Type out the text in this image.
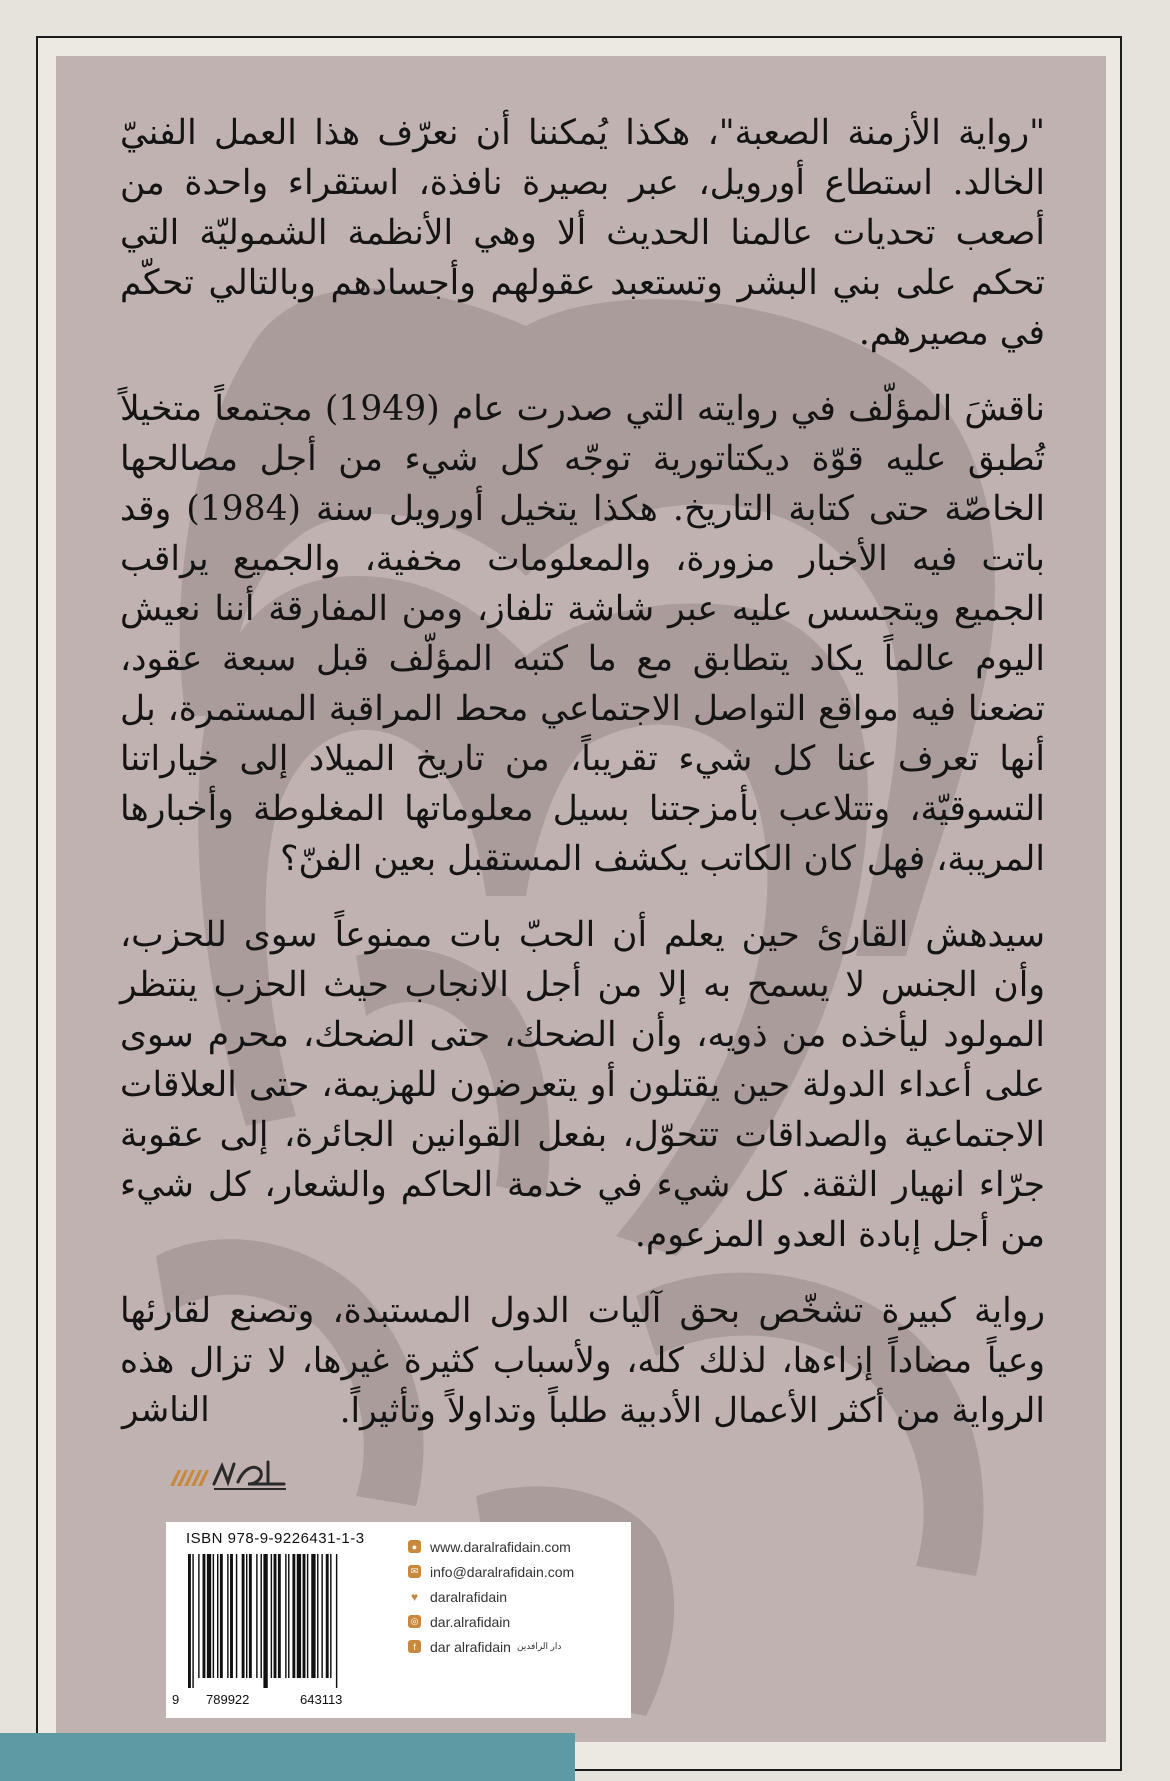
"رواية الأزمنة الصعبة"، هكذا يُمكننا أن نعرّف هذا العمل الفنيّ الخالد. استطاع أورويل، عبر بصيرة نافذة، استقراء واحدة من أصعب تحديات عالمنا الحديث ألا وهي الأنظمة الشموليّة التي تحكم على بني البشر وتستعبد عقولهم وأجسادهم وبالتالي تحكّم في مصيرهم.

ناقشَ المؤلّف في روايته التي صدرت عام (1949) مجتمعاً متخيلاً تُطبق عليه قوّة ديكتاتورية توجّه كل شيء من أجل مصالحها الخاصّة حتى كتابة التاريخ. هكذا يتخيل أورويل سنة (1984) وقد باتت فيه الأخبار مزورة، والمعلومات مخفية، والجميع يراقب الجميع ويتجسس عليه عبر شاشة تلفاز، ومن المفارقة أننا نعيش اليوم عالماً يكاد يتطابق مع ما كتبه المؤلّف قبل سبعة عقود، تضعنا فيه مواقع التواصل الاجتماعي محط المراقبة المستمرة، بل أنها تعرف عنا كل شيء تقريباً، من تاريخ الميلاد إلى خياراتنا التسوقيّة، وتتلاعب بأمزجتنا بسيل معلوماتها المغلوطة وأخبارها المريبة، فهل كان الكاتب يكشف المستقبل بعين الفنّ؟

سيدهش القارئ حين يعلم أن الحبّ بات ممنوعاً سوى للحزب، وأن الجنس لا يسمح به إلا من أجل الانجاب حيث الحزب ينتظر المولود ليأخذه من ذويه، وأن الضحك، حتى الضحك، محرم سوى على أعداء الدولة حين يقتلون أو يتعرضون للهزيمة، حتى العلاقات الاجتماعية والصداقات تتحوّل، بفعل القوانين الجائرة، إلى عقوبة جرّاء انهيار الثقة. كل شيء في خدمة الحاكم والشعار، كل شيء من أجل إبادة العدو المزعوم.

رواية كبيرة تشخّص بحق آليات الدول المستبدة، وتصنع لقارئها وعياً مضاداً إزاءها، لذلك كله، ولأسباب كثيرة غيرها، لا تزال هذه الرواية من أكثر الأعمال الأدبية طلباً وتداولاً وتأثيراً.

الناشر
ISBN 978-9-9226431-1-3
9 789922	643113
● www.daralrafidain.com
✉ info@daralrafidain.com
♥ daralrafidain
◎ dar.alrafidain
f	dar alrafidain دار الرافدين
